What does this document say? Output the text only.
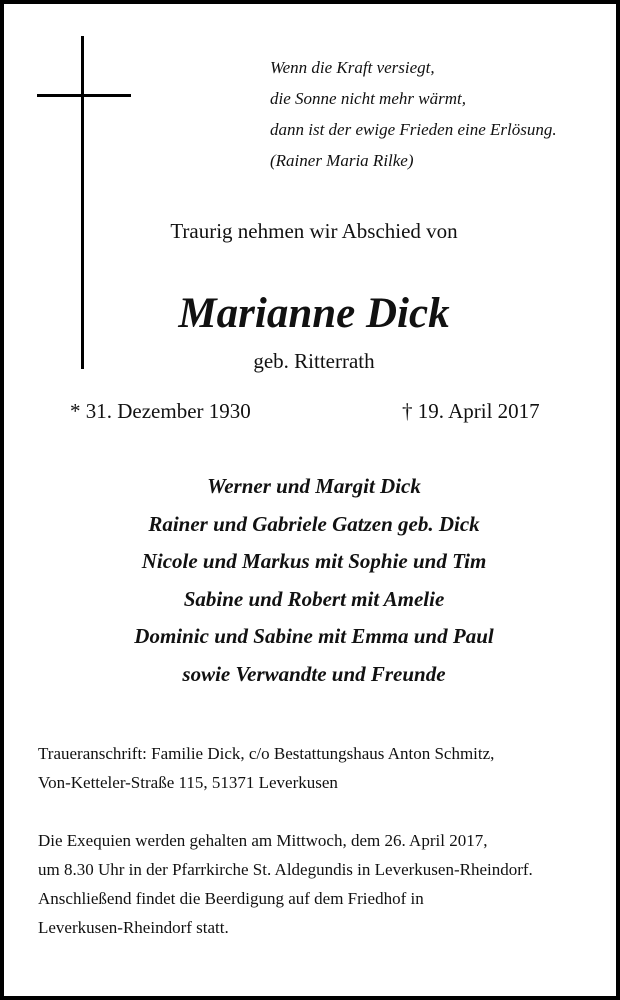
Wenn die Kraft versiegt,
die Sonne nicht mehr wärmt,
dann ist der ewige Frieden eine Erlösung.
(Rainer Maria Rilke)
Traurig nehmen wir Abschied von
Marianne Dick
geb. Ritterrath
* 31. Dezember 1930	† 19. April 2017
Werner und Margit Dick
Rainer und Gabriele Gatzen geb. Dick
Nicole und Markus mit Sophie und Tim
Sabine und Robert mit Amelie
Dominic und Sabine mit Emma und Paul
sowie Verwandte und Freunde
Traueranschrift: Familie Dick, c/o Bestattungshaus Anton Schmitz,
Von-Ketteler-Straße 115, 51371 Leverkusen
Die Exequien werden gehalten am Mittwoch, dem 26. April 2017,
um 8.30 Uhr in der Pfarrkirche St. Aldegundis in Leverkusen-Rheindorf.
Anschließend findet die Beerdigung auf dem Friedhof in
Leverkusen-Rheindorf statt.
